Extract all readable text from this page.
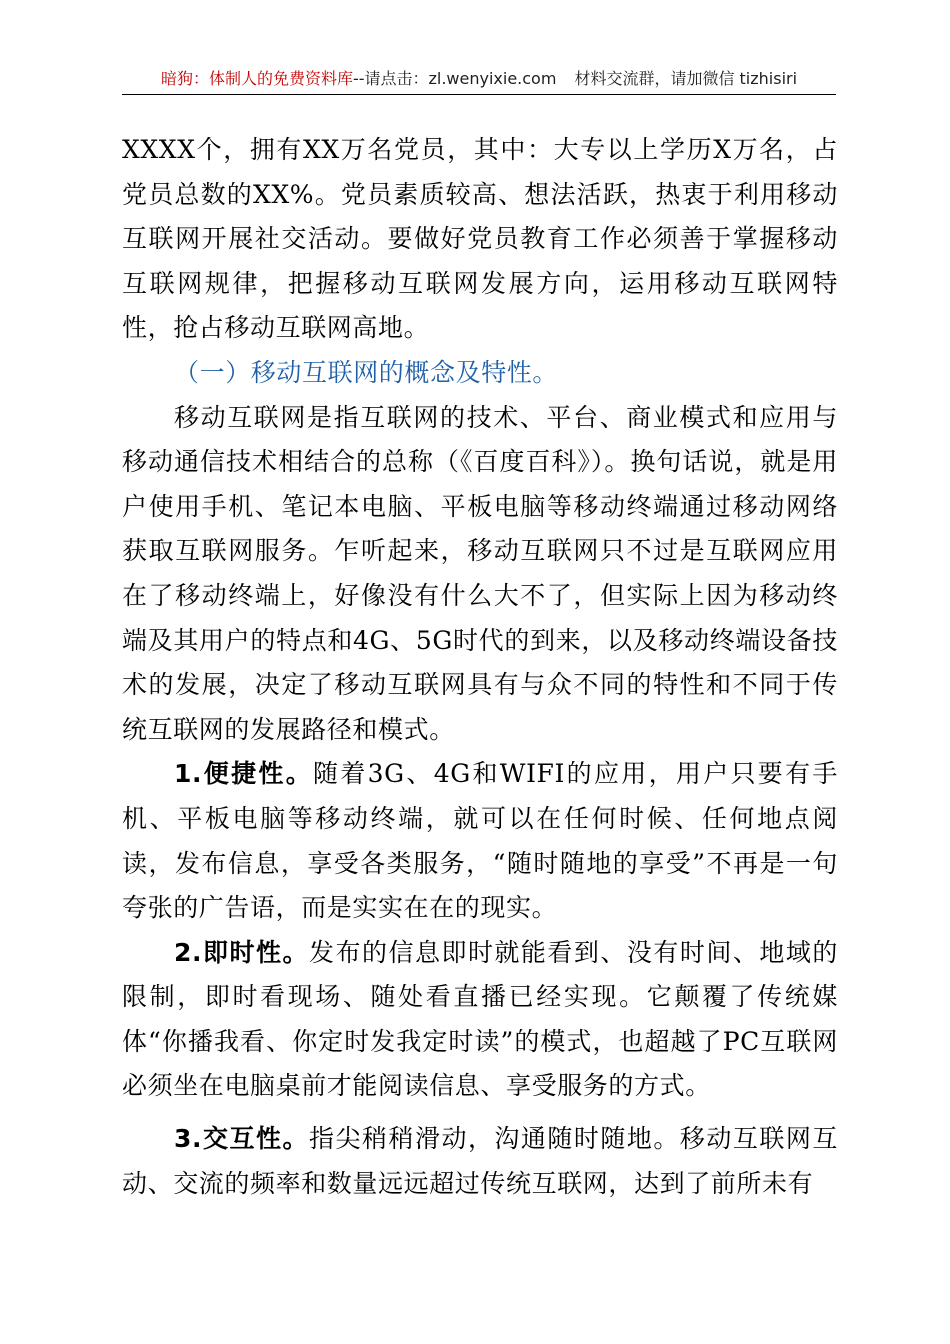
暗狗：体制人的免费资料库--请点击：zl.wenyixie.com 材料交流群，请加微信 tizhisiri

XXXX个，拥有XX万名党员，其中：大专以上学历X万名，占党员总数的XX%。党员素质较高、想法活跃，热衷于利用移动互联网开展社交活动。要做好党员教育工作必须善于掌握移动互联网规律，把握移动互联网发展方向，运用移动互联网特性，抢占移动互联网高地。

（一）移动互联网的概念及特性。

移动互联网是指互联网的技术、平台、商业模式和应用与移动通信技术相结合的总称（《百度百科》）。换句话说，就是用户使用手机、笔记本电脑、平板电脑等移动终端通过移动网络获取互联网服务。乍听起来，移动互联网只不过是互联网应用在了移动终端上，好像没有什么大不了，但实际上因为移动终端及其用户的特点和4G、5G时代的到来，以及移动终端设备技术的发展，决定了移动互联网具有与众不同的特性和不同于传统互联网的发展路径和模式。

1.便捷性。随着3G、4G和WIFI的应用，用户只要有手机、平板电脑等移动终端，就可以在任何时候、任何地点阅读，发布信息，享受各类服务，“随时随地的享受”不再是一句夸张的广告语，而是实实在在的现实。

2.即时性。发布的信息即时就能看到、没有时间、地域的限制，即时看现场、随处看直播已经实现。它颠覆了传统媒体“你播我看、你定时发我定时读”的模式，也超越了PC互联网必须坐在电脑桌前才能阅读信息、享受服务的方式。

3.交互性。指尖稍稍滑动，沟通随时随地。移动互联网互动、交流的频率和数量远远超过传统互联网，达到了前所未有
